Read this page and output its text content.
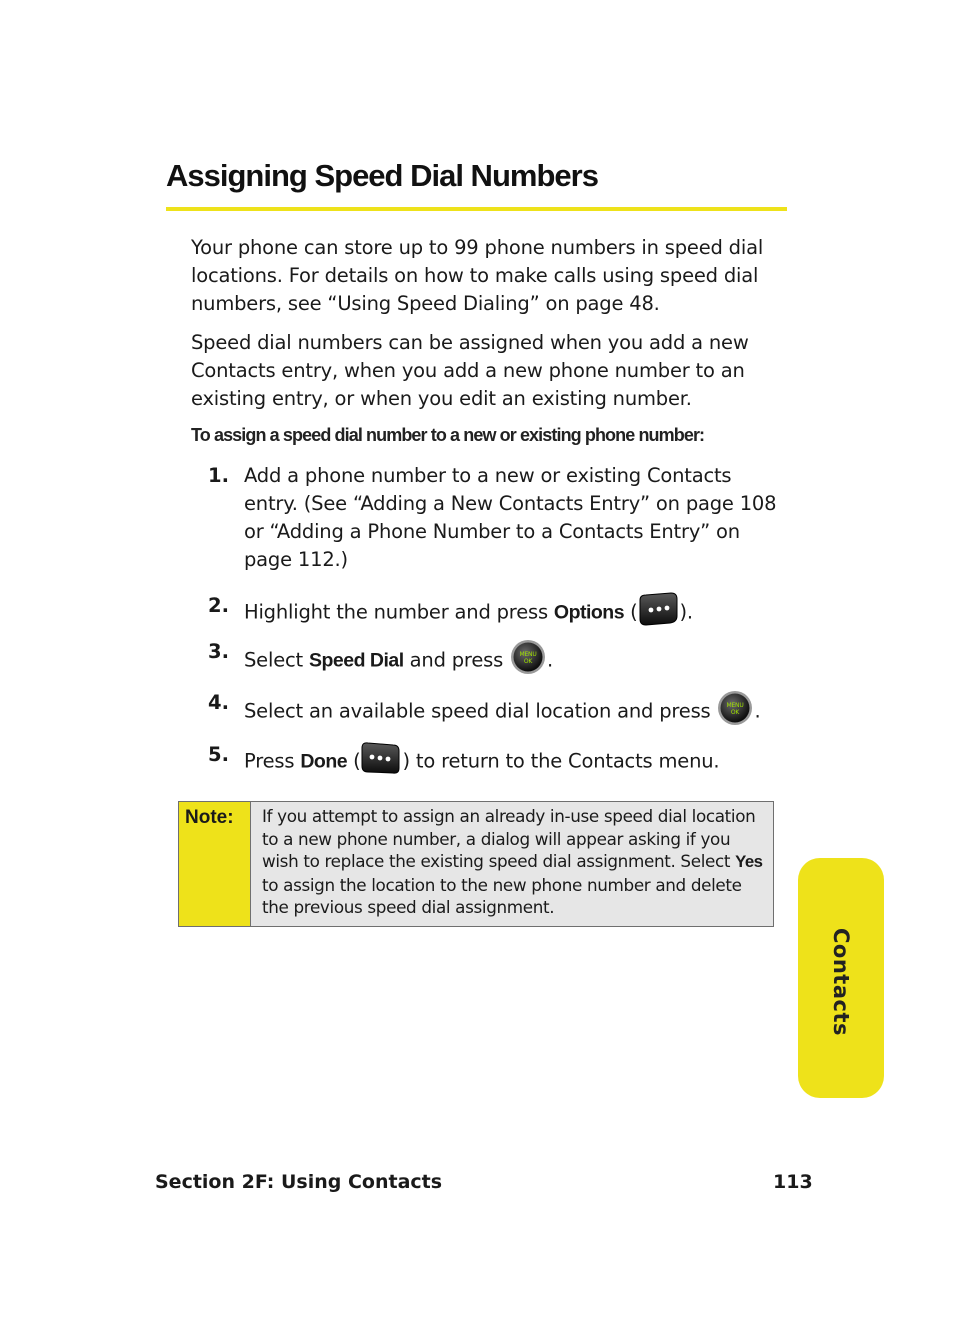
Assigning Speed Dial Numbers

Your phone can store up to 99 phone numbers in speed dial locations. For details on how to make calls using speed dial numbers, see “Using Speed Dialing” on page 48.

Speed dial numbers can be assigned when you add a new Contacts entry, when you add a new phone number to an existing entry, or when you edit an existing number.

To assign a speed dial number to a new or existing phone number:

1. Add a phone number to a new or existing Contacts
entry. (See “Adding a New Contacts Entry” on page 108
or “Adding a Phone Number to a Contacts Entry” on
page 112.)
2. Highlight the number and press Options ( ).
3. Select Speed Dial and press	MENU
OK .
4. Select an available speed dial location and press	MENU
OK .
5. Press Done ( ) to return to the Contacts menu.
Note:	If you attempt to assign an already in-use speed dial location
to a new phone number, a dialog will appear asking if you
wish to replace the existing speed dial assignment. Select Yes
to assign the location to the new phone number and delete
the previous speed dial assignment.
Contacts
Section 2F: Using Contacts	113
